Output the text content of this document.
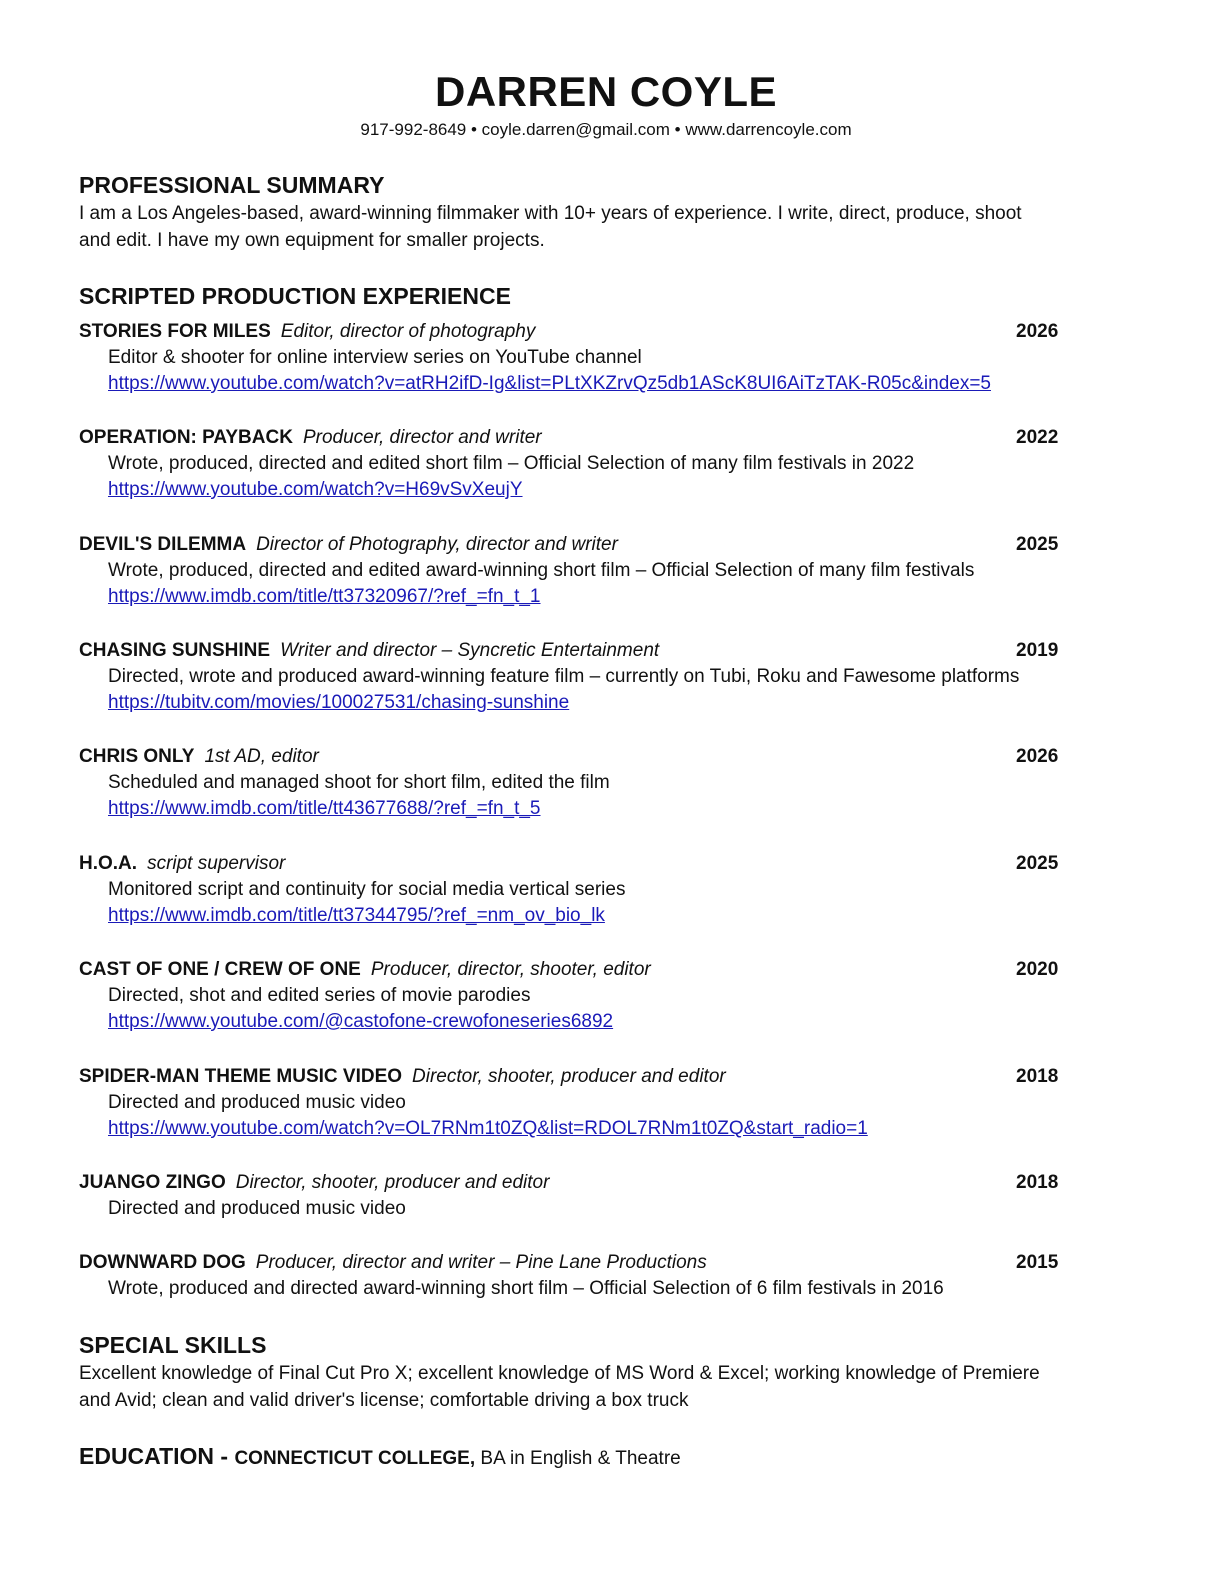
DARREN COYLE
917-992-8649 • coyle.darren@gmail.com • www.darrencoyle.com
PROFESSIONAL SUMMARY
I am a Los Angeles-based, award-winning filmmaker with 10+ years of experience. I write, direct, produce, shoot
and edit. I have my own equipment for smaller projects.
SCRIPTED PRODUCTION EXPERIENCE
STORIES FOR MILES Editor, director of photography	2026
Editor & shooter for online interview series on YouTube channel
https://www.youtube.com/watch?v=atRH2ifD-Ig&list=PLtXKZrvQz5db1AScK8UI6AiTzTAK-R05c&index=5
OPERATION: PAYBACK Producer, director and writer	2022
Wrote, produced, directed and edited short film – Official Selection of many film festivals in 2022
https://www.youtube.com/watch?v=H69vSvXeujY
DEVIL'S DILEMMA Director of Photography, director and writer	2025
Wrote, produced, directed and edited award-winning short film – Official Selection of many film festivals
https://www.imdb.com/title/tt37320967/?ref_=fn_t_1
CHASING SUNSHINE Writer and director – Syncretic Entertainment	2019
Directed, wrote and produced award-winning feature film – currently on Tubi, Roku and Fawesome platforms
https://tubitv.com/movies/100027531/chasing-sunshine
CHRIS ONLY 1st AD, editor	2026
Scheduled and managed shoot for short film, edited the film
https://www.imdb.com/title/tt43677688/?ref_=fn_t_5
H.O.A. script supervisor	2025
Monitored script and continuity for social media vertical series
https://www.imdb.com/title/tt37344795/?ref_=nm_ov_bio_lk
CAST OF ONE / CREW OF ONE Producer, director, shooter, editor	2020
Directed, shot and edited series of movie parodies
https://www.youtube.com/@castofone-crewofoneseries6892
SPIDER-MAN THEME MUSIC VIDEO Director, shooter, producer and editor	2018
Directed and produced music video
https://www.youtube.com/watch?v=OL7RNm1t0ZQ&list=RDOL7RNm1t0ZQ&start_radio=1
JUANGO ZINGO Director, shooter, producer and editor	2018
Directed and produced music video
DOWNWARD DOG Producer, director and writer – Pine Lane Productions	2015
Wrote, produced and directed award-winning short film – Official Selection of 6 film festivals in 2016
SPECIAL SKILLS
Excellent knowledge of Final Cut Pro X; excellent knowledge of MS Word & Excel; working knowledge of Premiere
and Avid; clean and valid driver's license; comfortable driving a box truck
EDUCATION - CONNECTICUT COLLEGE, BA in English & Theatre
